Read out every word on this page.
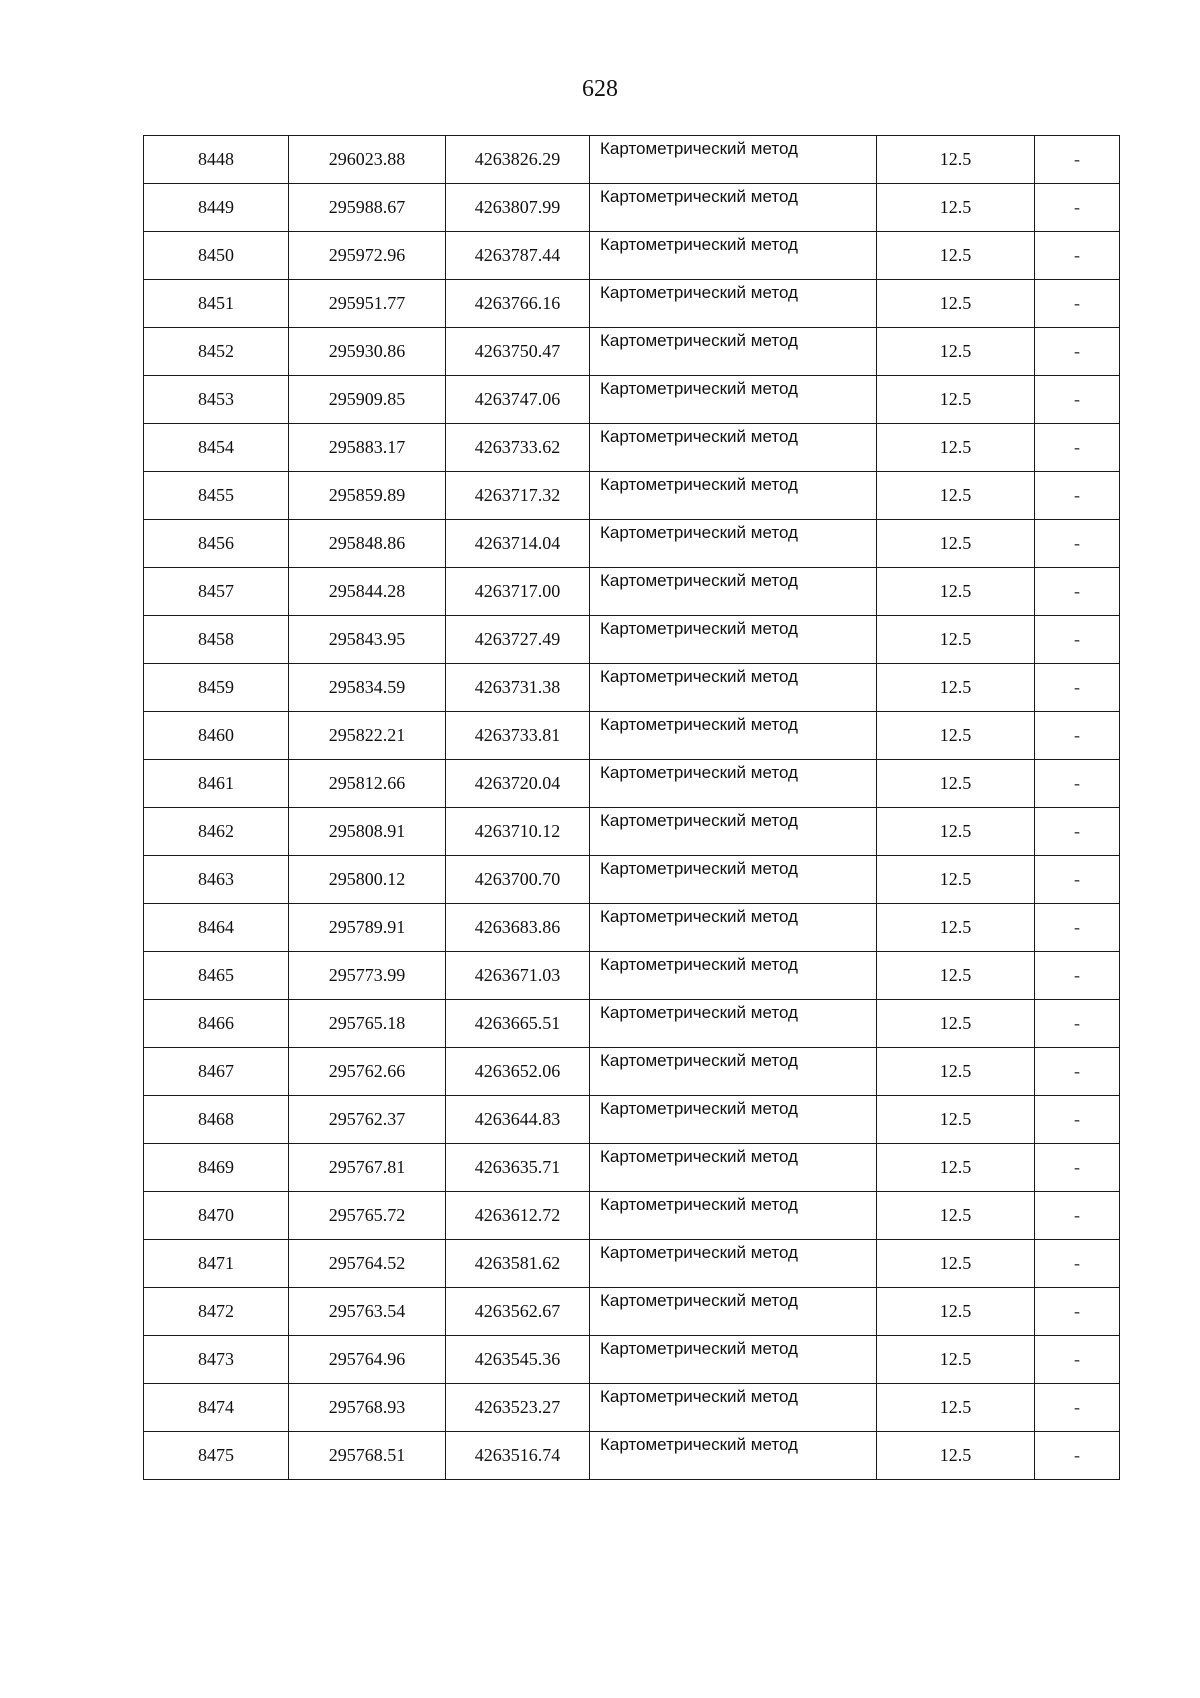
628
8448	296023.88	4263826.29	Картометрический метод	12.5	-
8449	295988.67	4263807.99	Картометрический метод	12.5	-
8450	295972.96	4263787.44	Картометрический метод	12.5	-
8451	295951.77	4263766.16	Картометрический метод	12.5	-
8452	295930.86	4263750.47	Картометрический метод	12.5	-
8453	295909.85	4263747.06	Картометрический метод	12.5	-
8454	295883.17	4263733.62	Картометрический метод	12.5	-
8455	295859.89	4263717.32	Картометрический метод	12.5	-
8456	295848.86	4263714.04	Картометрический метод	12.5	-
8457	295844.28	4263717.00	Картометрический метод	12.5	-
8458	295843.95	4263727.49	Картометрический метод	12.5	-
8459	295834.59	4263731.38	Картометрический метод	12.5	-
8460	295822.21	4263733.81	Картометрический метод	12.5	-
8461	295812.66	4263720.04	Картометрический метод	12.5	-
8462	295808.91	4263710.12	Картометрический метод	12.5	-
8463	295800.12	4263700.70	Картометрический метод	12.5	-
8464	295789.91	4263683.86	Картометрический метод	12.5	-
8465	295773.99	4263671.03	Картометрический метод	12.5	-
8466	295765.18	4263665.51	Картометрический метод	12.5	-
8467	295762.66	4263652.06	Картометрический метод	12.5	-
8468	295762.37	4263644.83	Картометрический метод	12.5	-
8469	295767.81	4263635.71	Картометрический метод	12.5	-
8470	295765.72	4263612.72	Картометрический метод	12.5	-
8471	295764.52	4263581.62	Картометрический метод	12.5	-
8472	295763.54	4263562.67	Картометрический метод	12.5	-
8473	295764.96	4263545.36	Картометрический метод	12.5	-
8474	295768.93	4263523.27	Картометрический метод	12.5	-
8475	295768.51	4263516.74	Картометрический метод	12.5	-
